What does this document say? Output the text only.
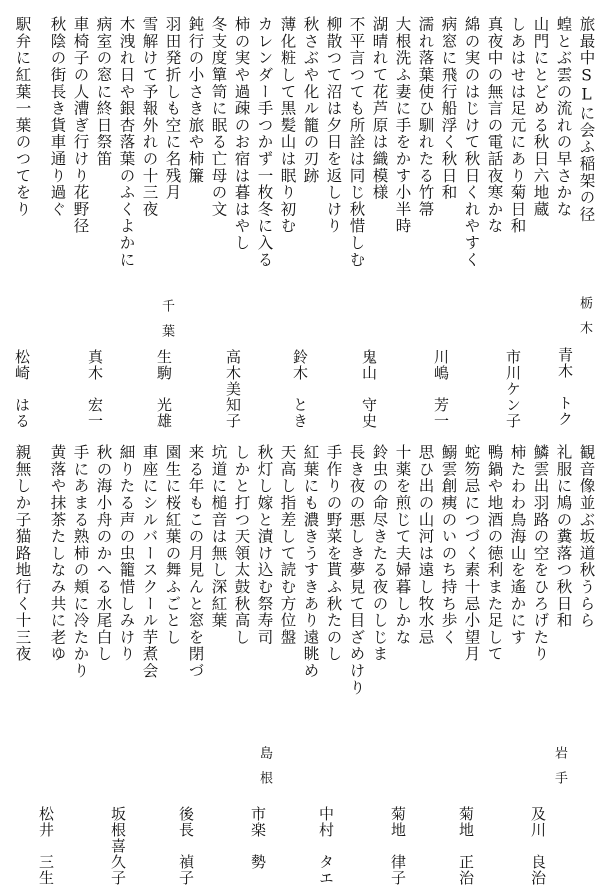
旅最中SLに会ふ稲架の径
蝗とぶ雲の流れの早さかな
山門にとどめる秋日六地蔵
しあはせは足元にあり菊日和
真夜中の無言の電話夜寒かな
綿の実のはじけて秋日くれやすく
病窓に飛行船浮く秋日和
濡れ落葉使ひ馴れたる竹箒
大根洗ふ妻に手をかす小半時
湖晴れて花芦原は織模様
不平言つても所詮は同じ秋惜しむ
柳散つて沼は夕日を返しけり
秋さぶや化ル籠の刃跡
薄化粧して黒髪山は眠り初む
カレンダー手つかず一枚冬に入る
柿の実や過疎のお宿は暮はやし
冬支度簞笥に眠る亡母の文
鈍行の小さき旅や柿簾
羽田発折しも空に名残月
雪解けて予報外れの十三夜
木洩れ日や銀杏落葉のふくよかに
病室の窓に終日祭笛
車椅子の人漕ぎ行けり花野径
秋陰の街長き貨車通り過ぐ
駅弁に紅葉一葉のつてをり
栃木
青木　トク
市川ケン子
川嶋　芳一
鬼山　守史
鈴木　とき
高木美知子
千葉
生駒　光雄
真木　宏一
松崎　はる
観音像並ぶ坂道秋うらら
礼服に鳩の糞落つ秋日和
鱗雲出羽路の空をひろげたり
柿たわわ鳥海山を遙かにす
鴨鍋や地酒の徳利また足して
蛇笏忌につづく素十忌小望月
鰯雲創痍のいのち持ち歩く
思ひ出の山河は遠し牧水忌
十薬を煎じて夫婦暮しかな
鈴虫の命尽きたる夜のしじま
長き夜の悪しき夢見て目ざめけり
手作りの野菜を貰ふ秋たのし
紅葉にも濃きうすきあり遠眺め
天高し指差して読む方位盤
秋灯し嫁と漬け込む祭寿司
しかと打つ天領太鼓秋高し
坑道に槌音は無し深紅葉
来る年もこの月見んと窓を閉づ
園生に桜紅葉の舞ふごとし
車座にシルバースクール芋煮会
細りたる声の虫籠惜しみけり
秋の海小舟のかへる水尾白し
手にあまる熟柿の頬に冷たかり
黄落や抹茶たしなみ共に老ゆ
親無しか子猫路地行く十三夜
岩手
及川　良治
菊地　正治
菊地　律子
中村　タエ
島根
市楽　勢
後長　禎子
坂根喜久子
松井　三生
